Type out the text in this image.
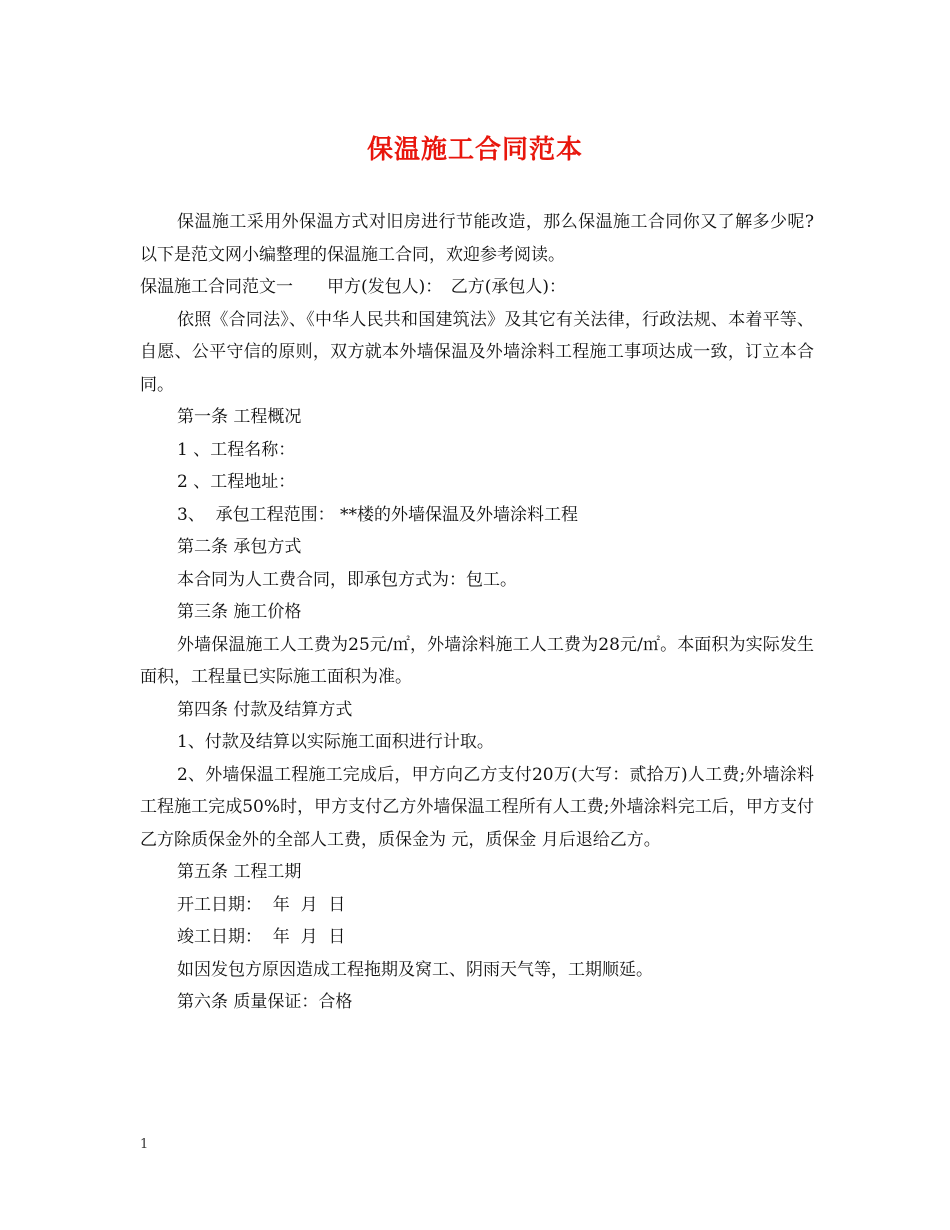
保温施工合同范本

保温施工采用外保温方式对旧房进行节能改造，那么保温施工合同你又了解多少呢?以下是范文网小编整理的保温施工合同，欢迎参考阅读。

保温施工合同范文一　　甲方(发包人)：　乙方(承包人)：

依照《合同法》、《中华人民共和国建筑法》及其它有关法律，行政法规、本着平等、自愿、公平守信的原则，双方就本外墙保温及外墙涂料工程施工事项达成一致，订立本合同。

第一条 工程概况

1 、工程名称：

2 、工程地址：

3、  承包工程范围： **楼的外墙保温及外墙涂料工程

第二条 承包方式

本合同为人工费合同，即承包方式为：包工。

第三条 施工价格

外墙保温施工人工费为25元/㎡，外墙涂料施工人工费为28元/㎡。本面积为实际发生面积，工程量已实际施工面积为准。

第四条 付款及结算方式

1、付款及结算以实际施工面积进行计取。

2、外墙保温工程施工完成后，甲方向乙方支付20万(大写：贰拾万)人工费;外墙涂料工程施工完成50%时，甲方支付乙方外墙保温工程所有人工费;外墙涂料完工后，甲方支付乙方除质保金外的全部人工费，质保金为 元，质保金 月后退给乙方。

第五条 工程工期

开工日期：  年  月  日

竣工日期：  年  月  日

如因发包方原因造成工程拖期及窝工、阴雨天气等，工期顺延。

第六条 质量保证：合格

1
